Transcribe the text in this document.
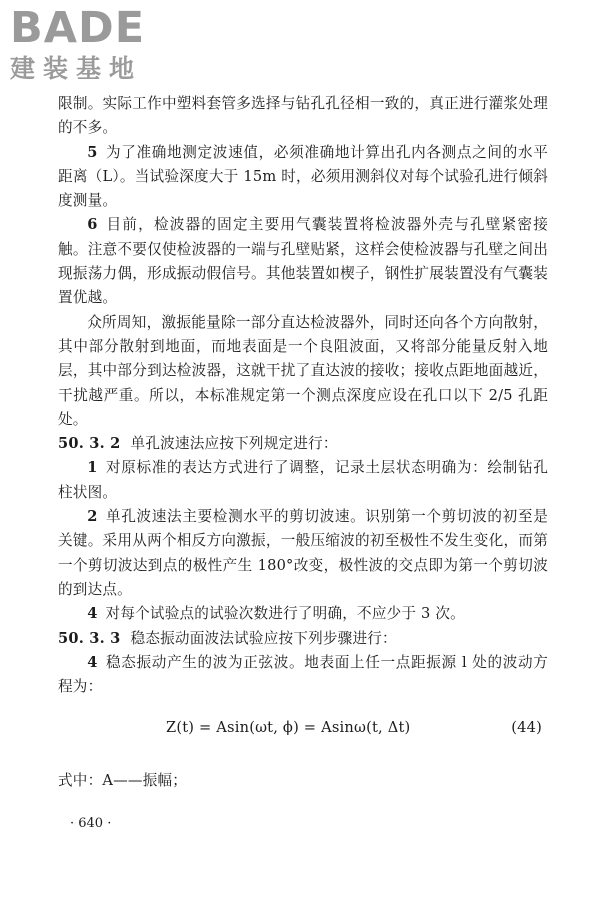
BADE
建装基地

限制。实际工作中塑料套管多选择与钻孔孔径相一致的，真正进行灌浆处理的不多。

5 为了准确地测定波速值，必须准确地计算出孔内各测点之间的水平距离（L）。当试验深度大于 15m 时，必须用测斜仪对每个试验孔进行倾斜度测量。

6 目前，检波器的固定主要用气囊装置将检波器外壳与孔壁紧密接触。注意不要仅使检波器的一端与孔壁贴紧，这样会使检波器与孔壁之间出现振荡力偶，形成振动假信号。其他装置如楔子，钢性扩展装置没有气囊装置优越。

众所周知，激振能量除一部分直达检波器外，同时还向各个方向散射，其中部分散射到地面，而地表面是一个良阻波面，又将部分能量反射入地层，其中部分到达检波器，这就干扰了直达波的接收；接收点距地面越近，干扰越严重。所以，本标准规定第一个测点深度应设在孔口以下 2/5 孔距处。

50. 3. 2 单孔波速法应按下列规定进行：

1 对原标准的表达方式进行了调整，记录土层状态明确为：绘制钻孔柱状图。

2 单孔波速法主要检测水平的剪切波速。识别第一个剪切波的初至是关键。采用从两个相反方向激振，一般压缩波的初至极性不发生变化，而第一个剪切波达到点的极性产生 180°改变，极性波的交点即为第一个剪切波的到达点。

4 对每个试验点的试验次数进行了明确，不应少于 3 次。

50. 3. 3 稳态振动面波法试验应按下列步骤进行：

4 稳态振动产生的波为正弦波。地表面上任一点距振源 l 处的波动方程为：

Z(t) = Asin(ωt, ϕ) = Asinω(t, Δt)	(44)

式中：A——振幅；

· 640 ·
